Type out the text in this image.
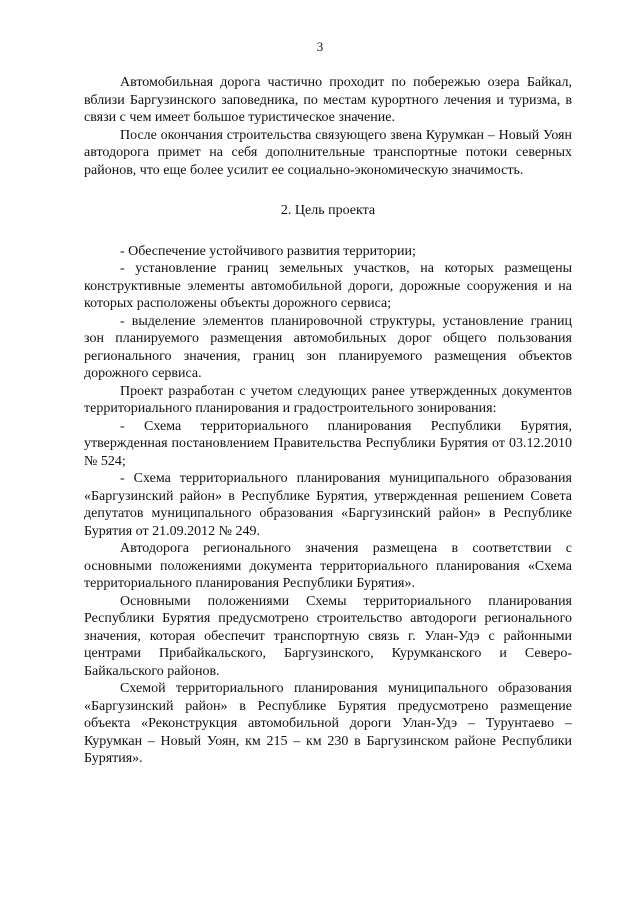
3

Автомобильная дорога частично проходит по побережью озера Байкал, вблизи Баргузинского заповедника, по местам курортного лечения и туризма, в связи с чем имеет большое туристическое значение.

После окончания строительства связующего звена Курумкан – Новый Уоян автодорога примет на себя дополнительные транспортные потоки северных районов, что еще более усилит ее социально-экономическую значимость.

2. Цель проекта

- Обеспечение устойчивого развития территории;

- установление границ земельных участков, на которых размещены конструктивные элементы автомобильной дороги, дорожные сооружения и на которых расположены объекты дорожного сервиса;

- выделение элементов планировочной структуры, установление границ зон планируемого размещения автомобильных дорог общего пользования регионального значения, границ зон планируемого размещения объектов дорожного сервиса.

Проект разработан с учетом следующих ранее утвержденных документов территориального планирования и градостроительного зонирования:

- Схема территориального планирования Республики Бурятия, утвержденная постановлением Правительства Республики Бурятия от 03.12.2010 № 524;

- Схема территориального планирования муниципального образования «Баргузинский район» в Республике Бурятия, утвержденная решением Совета депутатов муниципального образования «Баргузинский район» в Республике Бурятия от 21.09.2012 № 249.

Автодорога регионального значения размещена в соответствии с основными положениями документа территориального планирования «Схема территориального планирования Республики Бурятия».

Основными положениями Схемы территориального планирования Республики Бурятия предусмотрено строительство автодороги регионального значения, которая обеспечит транспортную связь г. Улан-Удэ с районными центрами Прибайкальского, Баргузинского, Курумканского и Северо-Байкальского районов.

Схемой территориального планирования муниципального образования «Баргузинский район» в Республике Бурятия предусмотрено размещение объекта «Реконструкция автомобильной дороги Улан-Удэ – Турунтаево – Курумкан – Новый Уоян, км 215 – км 230 в Баргузинском районе Республики Бурятия».
